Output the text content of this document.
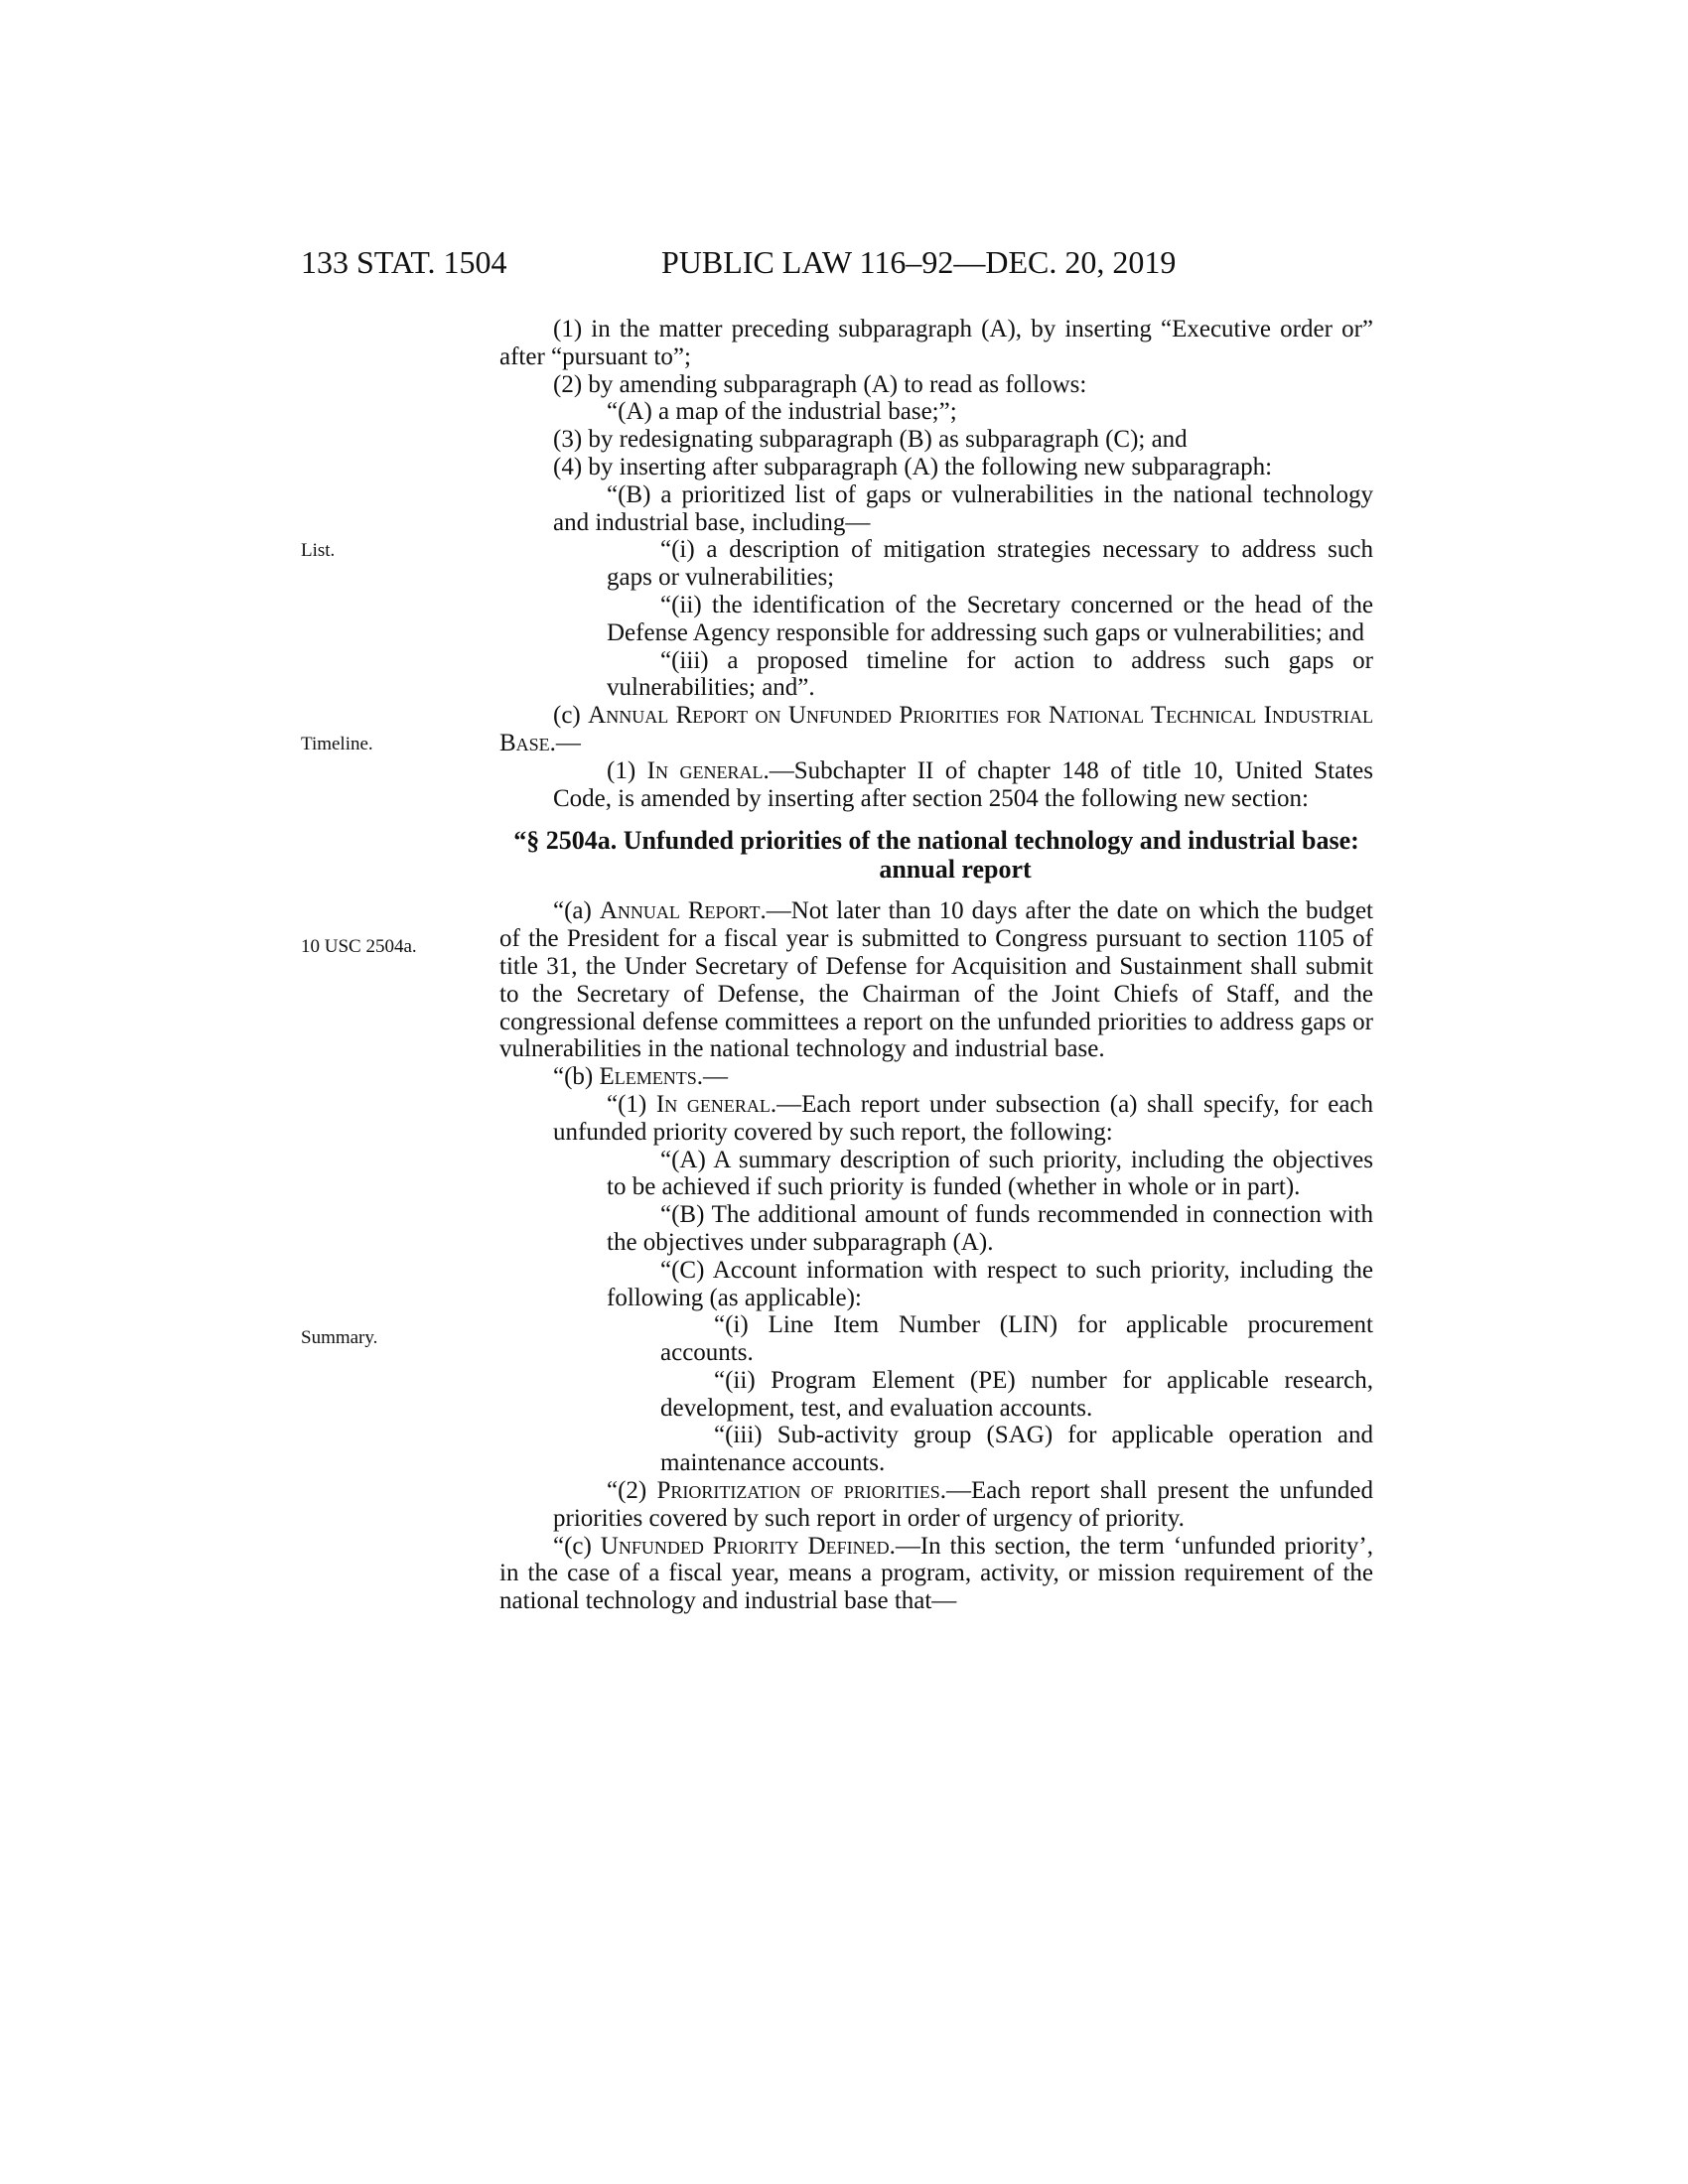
133 STAT. 1504	PUBLIC LAW 116–92—DEC. 20, 2019
List.
Timeline.
10 USC 2504a.
Summary.

(1) in the matter preceding subparagraph (A), by inserting “Executive order or” after “pursuant to”;

(2) by amending subparagraph (A) to read as follows:

“(A) a map of the industrial base;”;

(3) by redesignating subparagraph (B) as subparagraph (C); and

(4) by inserting after subparagraph (A) the following new subparagraph:

“(B) a prioritized list of gaps or vulnerabilities in the national technology and industrial base, including—

“(i) a description of mitigation strategies necessary to address such gaps or vulnerabilities;

“(ii) the identification of the Secretary concerned or the head of the Defense Agency responsible for addressing such gaps or vulnerabilities; and

“(iii) a proposed timeline for action to address such gaps or vulnerabilities; and”.

(c) Annual Report on Unfunded Priorities for National Technical Industrial Base.—

(1) In general.—Subchapter II of chapter 148 of title 10, United States Code, is amended by inserting after section 2504 the following new section:

“§ 2504a. Unfunded priorities of the national technology and industrial base: annual report

“(a) Annual Report.—Not later than 10 days after the date on which the budget of the President for a fiscal year is submitted to Congress pursuant to section 1105 of title 31, the Under Secretary of Defense for Acquisition and Sustainment shall submit to the Secretary of Defense, the Chairman of the Joint Chiefs of Staff, and the congressional defense committees a report on the unfunded priorities to address gaps or vulnerabilities in the national technology and industrial base.

“(b) Elements.—

“(1) In general.—Each report under subsection (a) shall specify, for each unfunded priority covered by such report, the following:

“(A) A summary description of such priority, including the objectives to be achieved if such priority is funded (whether in whole or in part).

“(B) The additional amount of funds recommended in connection with the objectives under subparagraph (A).

“(C) Account information with respect to such priority, including the following (as applicable):

“(i) Line Item Number (LIN) for applicable procurement accounts.

“(ii) Program Element (PE) number for applicable research, development, test, and evaluation accounts.

“(iii) Sub-activity group (SAG) for applicable operation and maintenance accounts.

“(2) Prioritization of priorities.—Each report shall present the unfunded priorities covered by such report in order of urgency of priority.

“(c) Unfunded Priority Defined.—In this section, the term ‘unfunded priority’, in the case of a fiscal year, means a program, activity, or mission requirement of the national technology and industrial base that—
